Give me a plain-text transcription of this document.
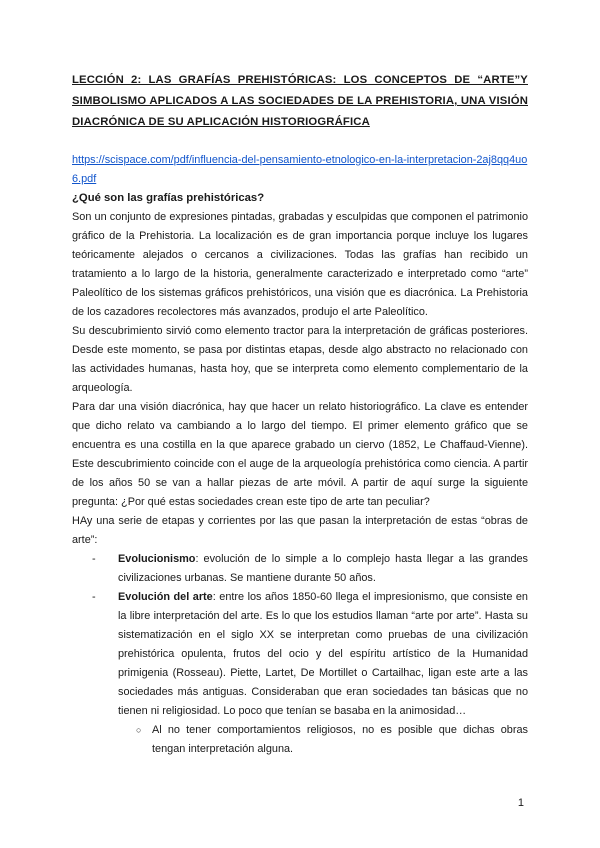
LECCIÓN 2: LAS GRAFÍAS PREHISTÓRICAS: LOS CONCEPTOS DE “ARTE”Y
SIMBOLISMO APLICADOS A LAS SOCIEDADES DE LA PREHISTORIA, UNA VISIÓN
DIACRÓNICA DE SU APLICACIÓN HISTORIOGRÁFICA
https://scispace.com/pdf/influencia-del-pensamiento-etnologico-en-la-interpretacion-2aj8qq4uo6.pdf
¿Qué son las grafías prehistóricas?

Son un conjunto de expresiones pintadas, grabadas y esculpidas que componen el patrimonio gráfico de la Prehistoria. La localización es de gran importancia porque incluye los lugares teóricamente alejados o cercanos a civilizaciones. Todas las grafías han recibido un tratamiento a lo largo de la historia, generalmente caracterizado e interpretado como “arte” Paleolítico de los sistemas gráficos prehistóricos, una visión que es diacrónica. La Prehistoria de los cazadores recolectores más avanzados, produjo el arte Paleolítico.

Su descubrimiento sirvió como elemento tractor para la interpretación de gráficas posteriores. Desde este momento, se pasa por distintas etapas, desde algo abstracto no relacionado con las actividades humanas, hasta hoy, que se interpreta como elemento complementario de la arqueología.

Para dar una visión diacrónica, hay que hacer un relato historiográfico. La clave es entender que dicho relato va cambiando a lo largo del tiempo. El primer elemento gráfico que se encuentra es una costilla en la que aparece grabado un ciervo (1852, Le Chaffaud-Vienne). Este descubrimiento coincide con el auge de la arqueología prehistórica como ciencia. A partir de los años 50 se van a hallar piezas de arte móvil. A partir de aquí surge la siguiente pregunta: ¿Por qué estas sociedades crean este tipo de arte tan peculiar?

HAy una serie de etapas y corrientes por las que pasan la interpretación de estas “obras de arte”:

- Evolucionismo: evolución de lo simple a lo complejo hasta llegar a las grandes civilizaciones urbanas. Se mantiene durante 50 años.
- Evolución del arte: entre los años 1850-60 llega el impresionismo, que consiste en la libre interpretación del arte. Es lo que los estudios llaman “arte por arte”. Hasta su sistematización en el siglo XX se interpretan como pruebas de una civilización prehistórica opulenta, frutos del ocio y del espíritu artístico de la Humanidad primigenia (Rosseau). Piette, Lartet, De Mortillet o Cartailhac, ligan este arte a las sociedades más antiguas. Consideraban que eran sociedades tan básicas que no tienen ni religiosidad. Lo poco que tenían se basaba en la animosidad…
○ Al no tener comportamientos religiosos, no es posible que dichas obras tengan interpretación alguna.
1
